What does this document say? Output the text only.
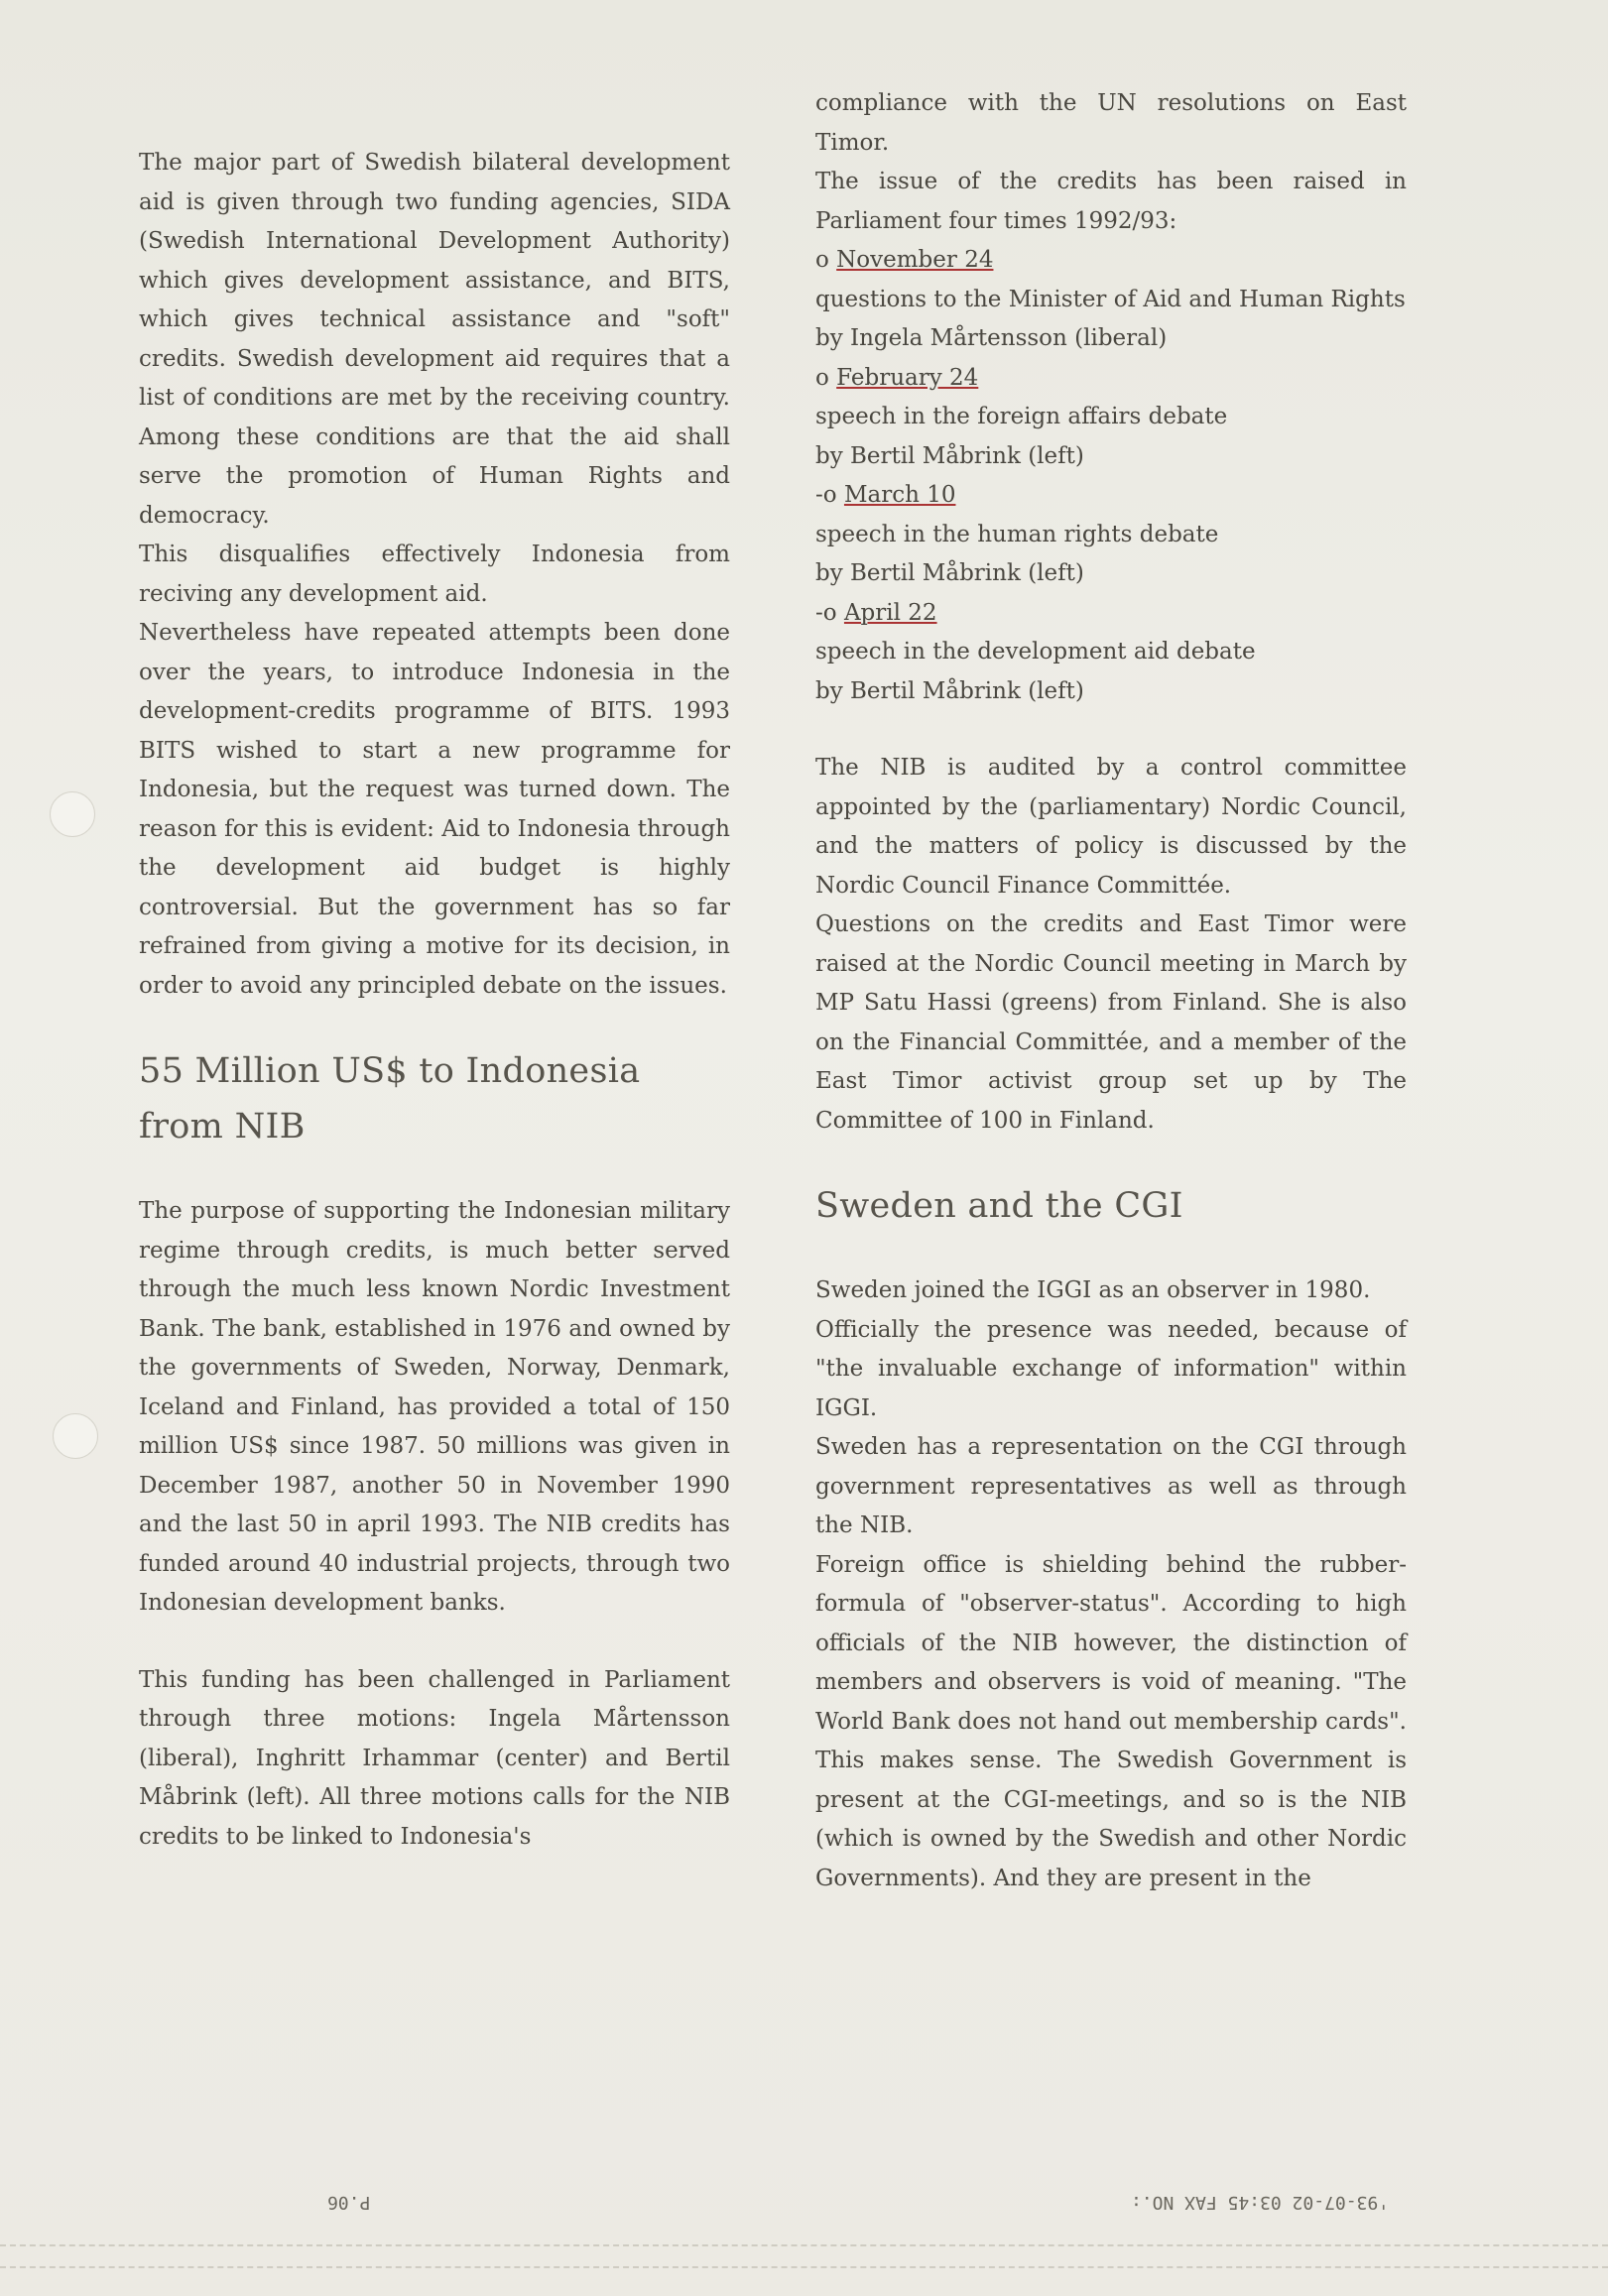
The major part of Swedish bilateral development aid is given through two funding agencies, SIDA (Swedish International Development Authority) which gives development assistance, and BITS, which gives technical assistance and "soft" credits. Swedish development aid requires that a list of conditions are met by the receiving country. Among these conditions are that the aid shall serve the promotion of Human Rights and democracy.

This disqualifies effectively Indonesia from reciving any development aid.

Nevertheless have repeated attempts been done over the years, to introduce Indonesia in the development-credits programme of BITS. 1993 BITS wished to start a new programme for Indonesia, but the request was turned down. The reason for this is evident: Aid to Indonesia through the development aid budget is highly controversial. But the government has so far refrained from giving a motive for its decision, in order to avoid any principled debate on the issues.

55 Million US$ to Indonesia from NIB

The purpose of supporting the Indonesian military regime through credits, is much better served through the much less known Nordic Investment Bank. The bank, established in 1976 and owned by the governments of Sweden, Norway, Denmark, Iceland and Finland, has provided a total of 150 million US$ since 1987. 50 millions was given in December 1987, another 50 in November 1990 and the last 50 in april 1993. The NIB credits has funded around 40 industrial projects, through two Indonesian development banks.

This funding has been challenged in Parliament through three motions: Ingela Mårtensson (liberal), Inghritt Irhammar (center) and Bertil Måbrink (left). All three motions calls for the NIB credits to be linked to Indonesia's

compliance with the UN resolutions on East Timor.

The issue of the credits has been raised in Parliament four times 1992/93:

o November 24

questions to the Minister of Aid and Human Rights by Ingela Mårtensson (liberal)

o February 24

speech in the foreign affairs debate

by Bertil Måbrink (left)

-o March 10

speech in the human rights debate

by Bertil Måbrink (left)

-o April 22

speech in the development aid debate

by Bertil Måbrink (left)

The NIB is audited by a control committee appointed by the (parliamentary) Nordic Council, and the matters of policy is discussed by the Nordic Council Finance Committée.

Questions on the credits and East Timor were raised at the Nordic Council meeting in March by MP Satu Hassi (greens) from Finland. She is also on the Financial Committée, and a member of the East Timor activist group set up by The Committee of 100 in Finland.

Sweden and the CGI

Sweden joined the IGGI as an observer in 1980.

Officially the presence was needed, because of "the invaluable exchange of information" within IGGI.

Sweden has a representation on the CGI through government representatives as well as through the NIB.

Foreign office is shielding behind the rubber-formula of "observer-status". According to high officials of the NIB however, the distinction of members and observers is void of meaning. "The World Bank does not hand out membership cards". This makes sense. The Swedish Government is present at the CGI-meetings, and so is the NIB (which is owned by the Swedish and other Nordic Governments). And they are present in the

P.06	'93-07-02 03:45 FAX NO.:
